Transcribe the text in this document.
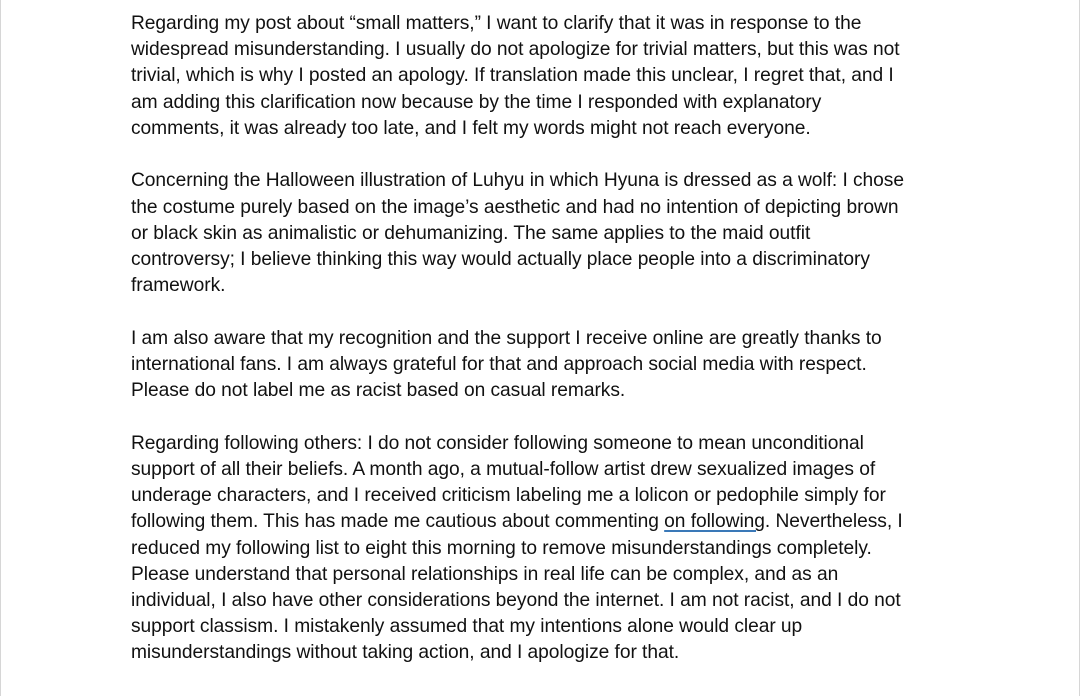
Regarding my post about “small matters,” I want to clarify that it was in response to the
widespread misunderstanding. I usually do not apologize for trivial matters, but this was not
trivial, which is why I posted an apology. If translation made this unclear, I regret that, and I
am adding this clarification now because by the time I responded with explanatory
comments, it was already too late, and I felt my words might not reach everyone.

Concerning the Halloween illustration of Luhyu in which Hyuna is dressed as a wolf: I chose
the costume purely based on the image’s aesthetic and had no intention of depicting brown
or black skin as animalistic or dehumanizing. The same applies to the maid outfit
controversy; I believe thinking this way would actually place people into a discriminatory
framework.

I am also aware that my recognition and the support I receive online are greatly thanks to
international fans. I am always grateful for that and approach social media with respect.
Please do not label me as racist based on casual remarks.

Regarding following others: I do not consider following someone to mean unconditional
support of all their beliefs. A month ago, a mutual-follow artist drew sexualized images of
underage characters, and I received criticism labeling me a lolicon or pedophile simply for
following them. This has made me cautious about commenting on following. Nevertheless, I
reduced my following list to eight this morning to remove misunderstandings completely.
Please understand that personal relationships in real life can be complex, and as an
individual, I also have other considerations beyond the internet. I am not racist, and I do not
support classism. I mistakenly assumed that my intentions alone would clear up
misunderstandings without taking action, and I apologize for that.
